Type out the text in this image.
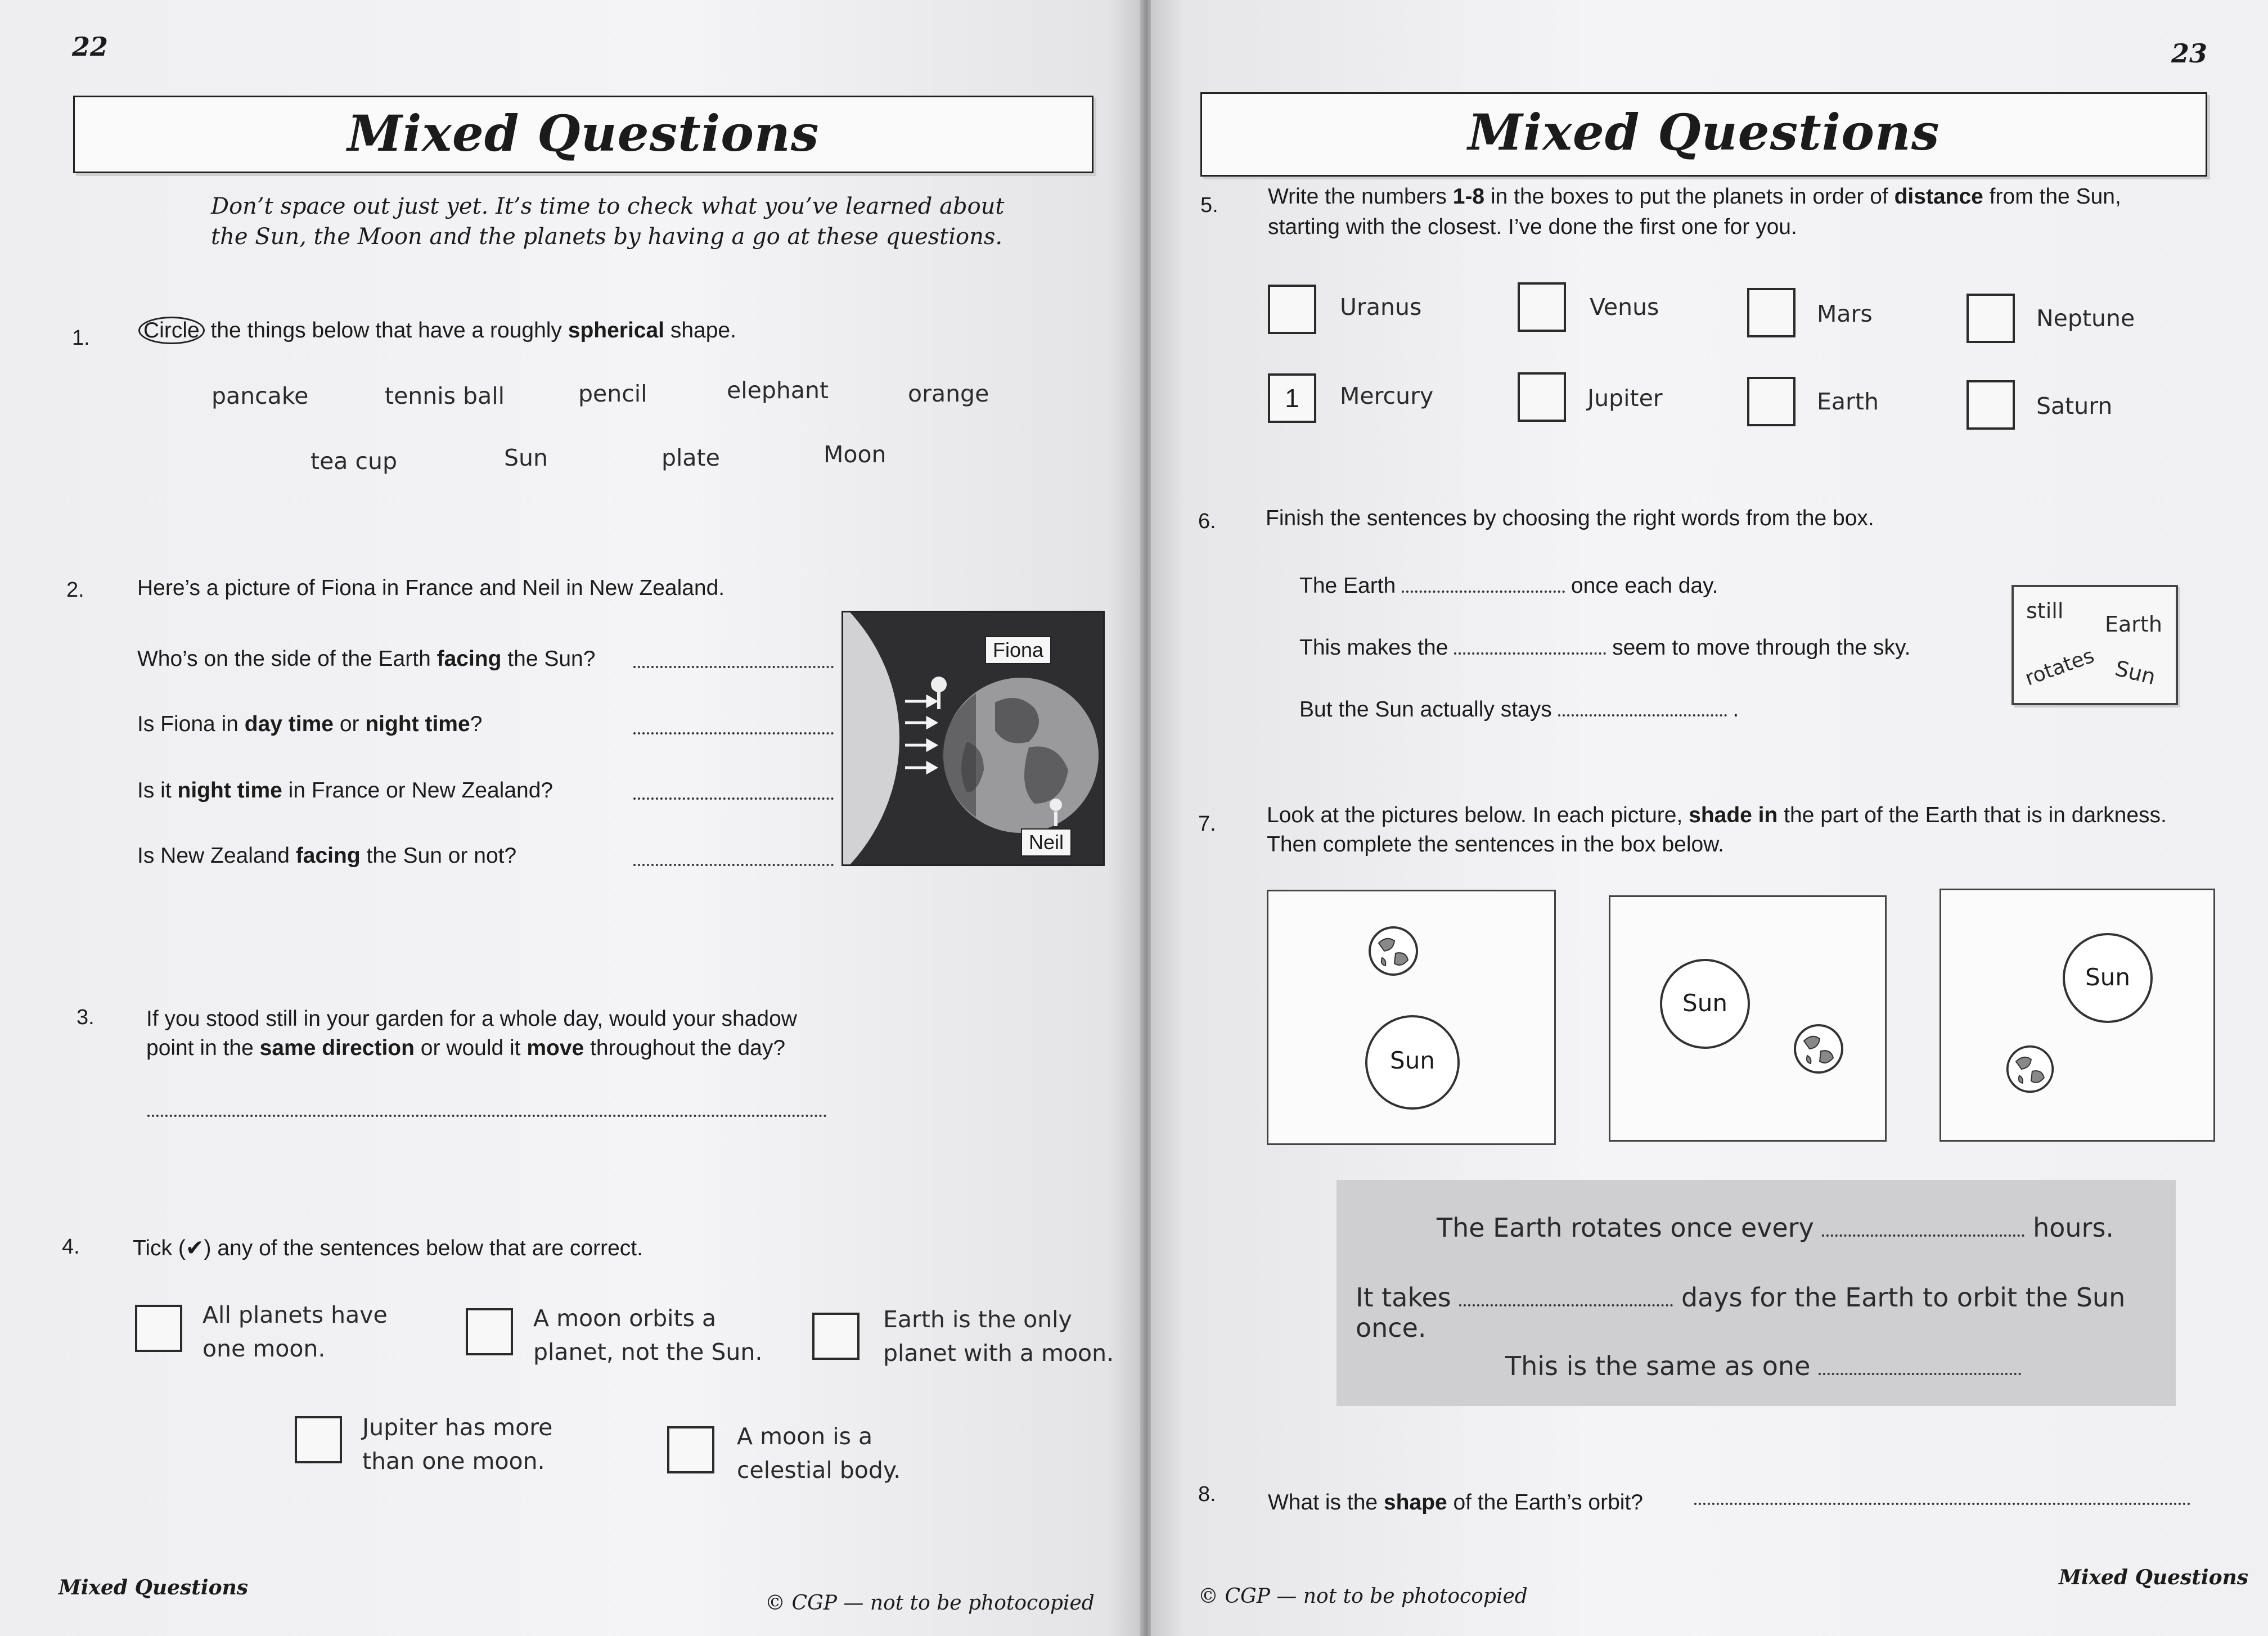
22
Mixed Questions
Don’t space out just yet. It’s time to check what you’ve learned about
the Sun, the Moon and the planets by having a go at these questions.
1. Circle the things below that have a roughly spherical shape.
pancake	tennis ball	pencil	elephant	orange
tea cup	Sun	plate	Moon
2. Here’s a picture of Fiona in France and Neil in New Zealand.
Who’s on the side of the Earth facing the Sun?
Is Fiona in day time or night time?
Is it night time in France or New Zealand?
Is New Zealand facing the Sun or not?
Fiona
Neil
3. If you stood still in your garden for a whole day, would your shadow
point in the same direction or would it move throughout the day?
4. Tick (✔) any of the sentences below that are correct.
All planets have
one moon.
A moon orbits a
planet, not the Sun.
Earth is the only
planet with a moon.
Jupiter has more
than one moon.
A moon is a
celestial body.
Mixed Questions
© CGP — not to be photocopied
23
Mixed Questions
5. Write the numbers 1-8 in the boxes to put the planets in order of distance from the Sun,
starting with the closest. I’ve done the first one for you.
Uranus	Venus	Mars	Neptune
1	Mercury	Jupiter	Earth	Saturn
6. Finish the sentences by choosing the right words from the box.
The Earth	once each day.
This makes the	seem to move through the sky.
But the Sun actually stays	.
still
Earth
rotates Sun
7. Look at the pictures below. In each picture, shade in the part of the Earth that is in darkness.
Then complete the sentences in the box below.
Sun
Sun
Sun
The Earth rotates once every	hours.
It takes	days for the Earth to orbit the Sun once.
This is the same as one
8. What is the shape of the Earth’s orbit?
© CGP — not to be photocopied
Mixed Questions
